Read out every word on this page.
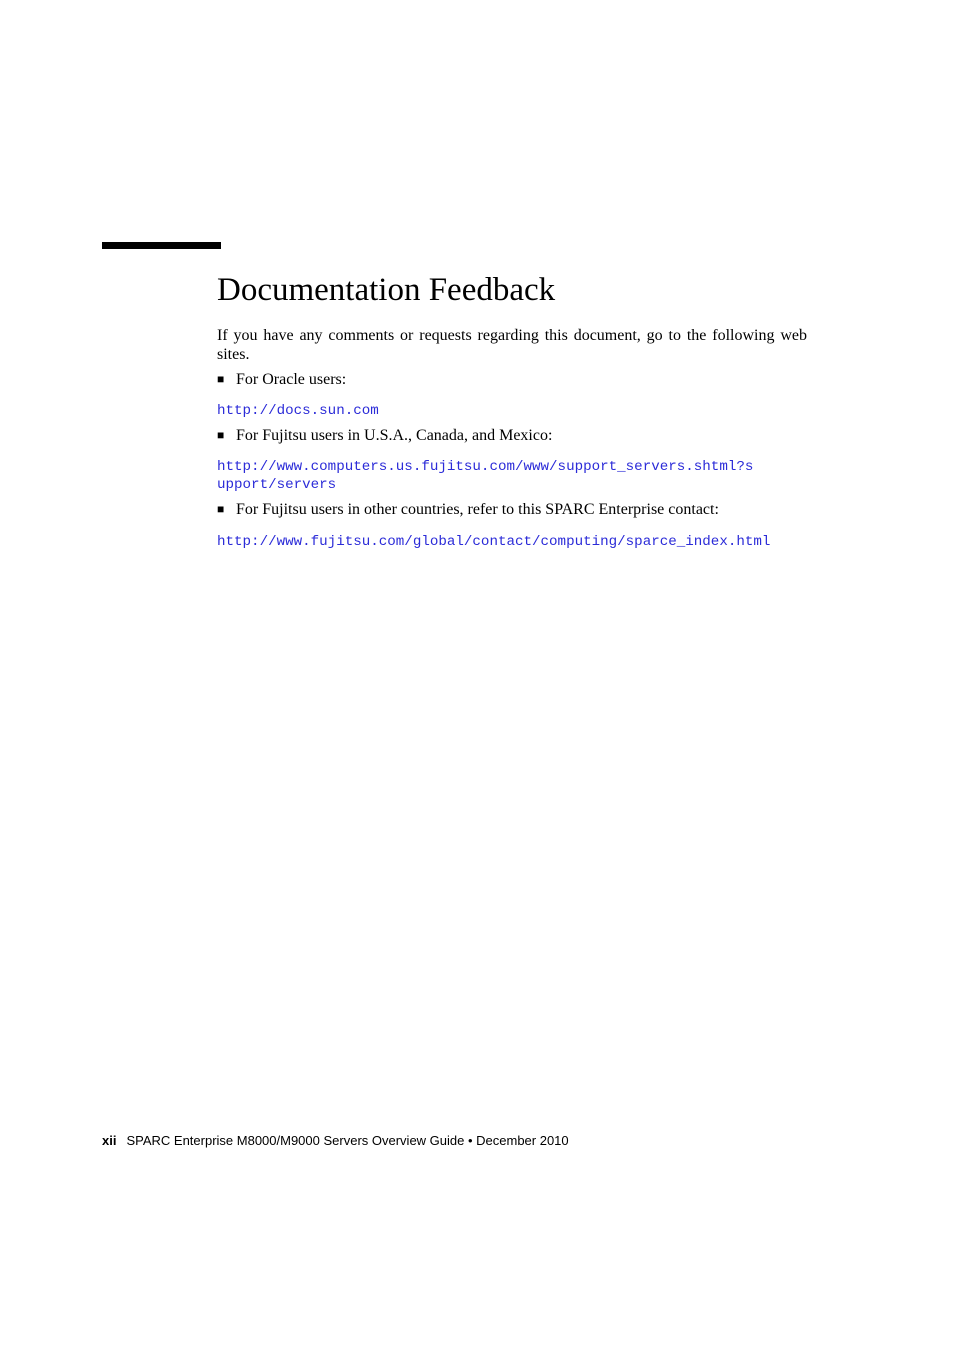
Documentation Feedback

If you have any comments or requests regarding this document, go to the following web sites.

■ For Oracle users:
http://docs.sun.com
■ For Fujitsu users in U.S.A., Canada, and Mexico:
http://www.computers.us.fujitsu.com/www/support_servers.shtml?s
upport/servers
■ For Fujitsu users in other countries, refer to this SPARC Enterprise contact:
http://www.fujitsu.com/global/contact/computing/sparce_index.html
xii SPARC Enterprise M8000/M9000 Servers Overview Guide • December 2010
